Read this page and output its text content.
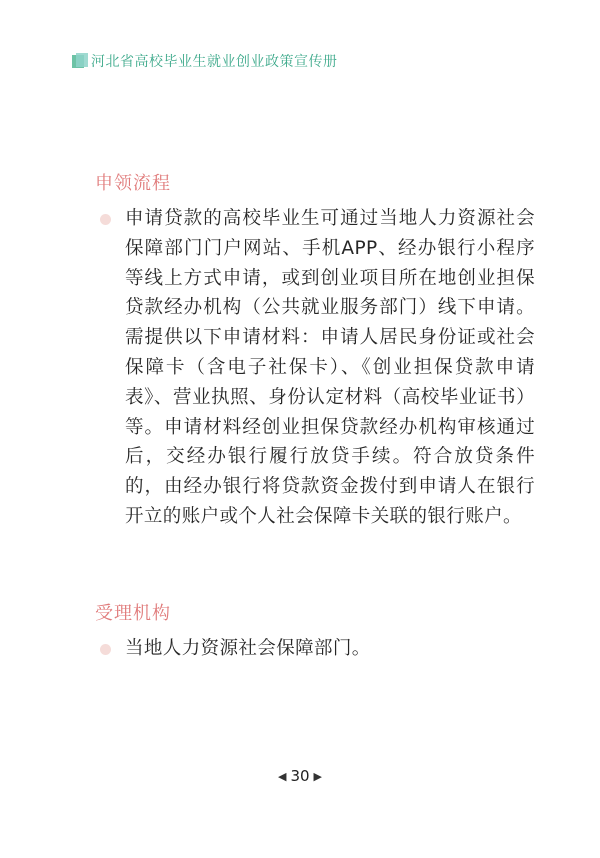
河北省高校毕业生就业创业政策宣传册
申领流程
申请贷款的高校毕业生可通过当地人力资源社会保障部门门户网站、手机APP、经办银行小程序等线上方式申请，或到创业项目所在地创业担保贷款经办机构（公共就业服务部门）线下申请。需提供以下申请材料：申请人居民身份证或社会保障卡（含电子社保卡）、《创业担保贷款申请表》、营业执照、身份认定材料（高校毕业证书）等。申请材料经创业担保贷款经办机构审核通过后，交经办银行履行放贷手续。符合放贷条件的，由经办银行将贷款资金拨付到申请人在银行开立的账户或个人社会保障卡关联的银行账户。
受理机构
当地人力资源社会保障部门。
◀ 30 ▶
